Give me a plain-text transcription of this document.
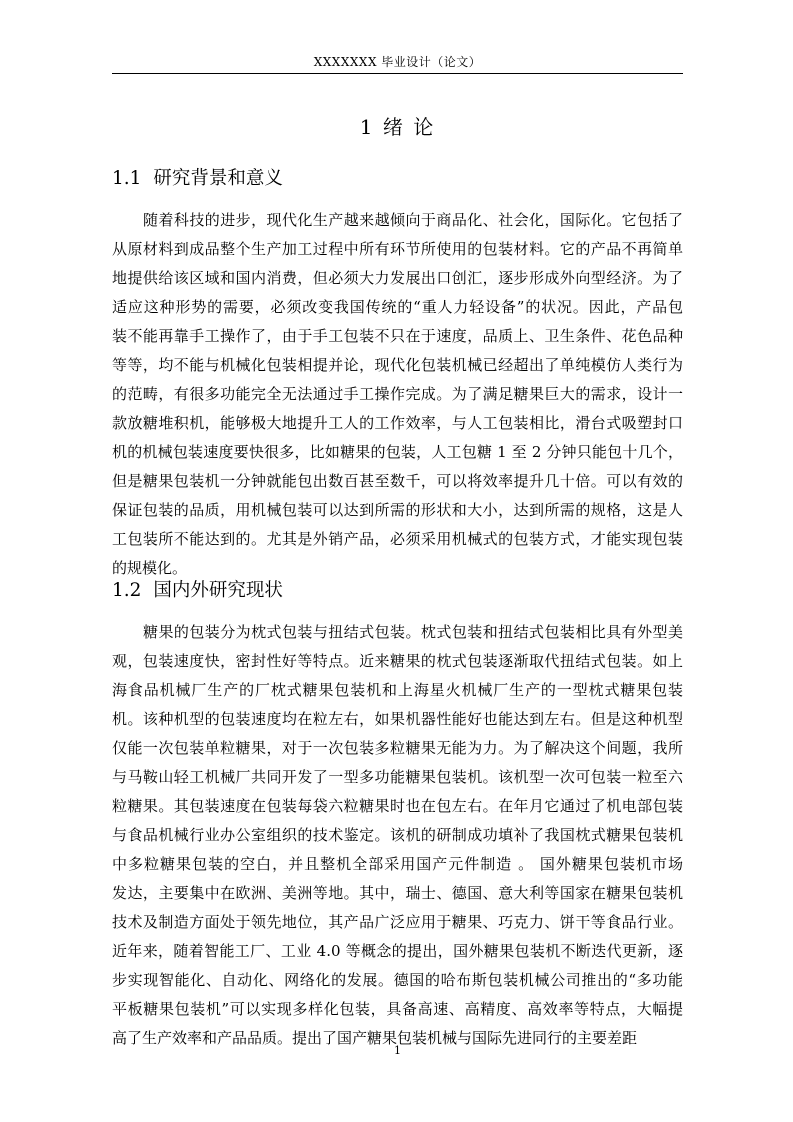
XXXXXXX 毕业设计（论文）
1 绪 论
1.1 研究背景和意义
随着科技的进步，现代化生产越来越倾向于商品化、社会化，国际化。它包括了
从原材料到成品整个生产加工过程中所有环节所使用的包装材料。它的产品不再简单
地提供给该区域和国内消费，但必须大力发展出口创汇，逐步形成外向型经济。为了
适应这种形势的需要，必须改变我国传统的“重人力轻设备”的状况。因此，产品包
装不能再靠手工操作了，由于手工包装不只在于速度，品质上、卫生条件、花色品种
等等，均不能与机械化包装相提并论，现代化包装机械已经超出了单纯模仿人类行为
的范畴，有很多功能完全无法通过手工操作完成。为了满足糖果巨大的需求，设计一
款放糖堆积机，能够极大地提升工人的工作效率，与人工包装相比，滑台式吸塑封口
机的机械包装速度要快很多，比如糖果的包装，人工包糖 1 至 2 分钟只能包十几个，
但是糖果包装机一分钟就能包出数百甚至数千，可以将效率提升几十倍。可以有效的
保证包装的品质，用机械包装可以达到所需的形状和大小，达到所需的规格，这是人
工包装所不能达到的。尤其是外销产品，必须采用机械式的包装方式，才能实现包装
的规模化。
1.2 国内外研究现状
糖果的包装分为枕式包装与扭结式包装。枕式包装和扭结式包装相比具有外型美
观，包装速度快，密封性好等特点。近来糖果的枕式包装逐渐取代扭结式包装。如上
海食品机械厂生产的厂枕式糖果包装机和上海星火机械厂生产的一型枕式糖果包装
机。该种机型的包装速度均在粒左右，如果机器性能好也能达到左右。但是这种机型
仅能一次包装单粒糖果，对于一次包装多粒糖果无能为力。为了解决这个间题，我所
与马鞍山轻工机械厂共同开发了一型多功能糖果包装机。该机型一次可包装一粒至六
粒糖果。其包装速度在包装每袋六粒糖果时也在包左右。在年月它通过了机电部包装
与食品机械行业办公室组织的技术鉴定。该机的研制成功填补了我国枕式糖果包装机
中多粒糖果包装的空白，并且整机全部采用国产元件制造 。 国外糖果包装机市场
发达，主要集中在欧洲、美洲等地。其中，瑞士、德国、意大利等国家在糖果包装机
技术及制造方面处于领先地位，其产品广泛应用于糖果、巧克力、饼干等食品行业。
近年来，随着智能工厂、工业 4.0 等概念的提出，国外糖果包装机不断迭代更新，逐
步实现智能化、自动化、网络化的发展。德国的哈布斯包装机械公司推出的“多功能
平板糖果包装机”可以实现多样化包装，具备高速、高精度、高效率等特点，大幅提
高了生产效率和产品品质。提出了国产糖果包装机械与国际先进同行的主要差距
1
